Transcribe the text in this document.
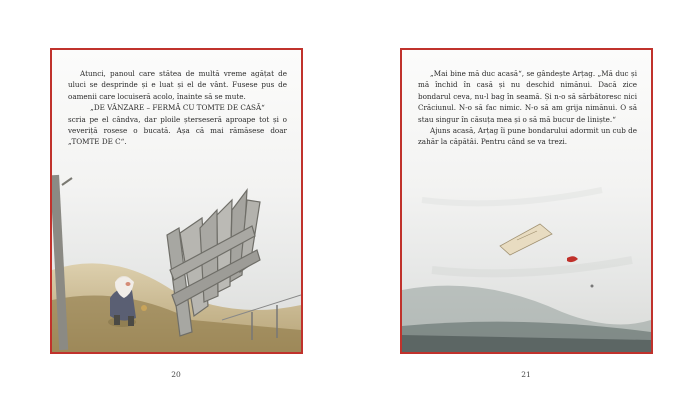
Atunci, panoul care stătea de multă vreme agățat de uluci se desprinde și e luat și el de vânt. Fusese pus de oamenii care locuiseră acolo, înainte să se mute.

„DE VÂNZARE – FERMĂ CU TOMTE DE CASĂ“

scria pe el cândva, dar ploile șterseseră aproape tot și o veveriță rosese o bucată. Așa că mai rămăsese doar „TOMTE DE C“.

„Mai bine mă duc acasă“, se gândește Arțag. „Mă duc și mă închid în casă și nu deschid nimănui. Dacă zice bondarul ceva, nu-l bag în seamă. Și n-o să sărbătoresc nici Crăciunul. N-o să fac nimic. N-o să am grija nimănui. O să stau singur în căsuța mea și o să mă bucur de liniște.“

Ajuns acasă, Arțag îi pune bondarului adormit un cub de zahăr la căpătâi. Pentru când se va trezi.

20	21
